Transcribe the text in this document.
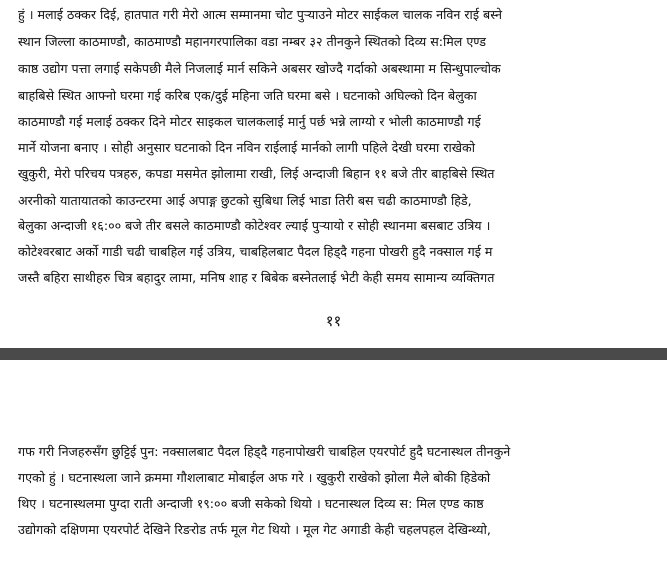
हुं । मलाई ठक्कर दिई, हातपात गरी मेरो आत्म सम्मानमा चोट पुऱ्याउने मोटर साईकल चालक नविन राई बस्ने
स्थान जिल्ला काठमाण्डौ, काठमाण्डौ महानगरपालिका वडा नम्बर ३२ तीनकुने स्थितको दिव्य स:मिल एण्ड
काष्ठ उद्योग पत्ता लगाई सकेपछी मैले निजलाई मार्न सकिने अबसर खोज्दै गर्दाको अबस्थामा म सिन्धुपाल्चोक
बाहबिसे स्थित आफ्नो घरमा गई करिब एक/दुई महिना जति घरमा बसे । घटनाको अघिल्को दिन बेलुका
काठमाण्डौ गई मलाई ठक्कर दिने मोटर साइकल चालकलाई मार्नु पर्छ भन्ने लाग्यो र भोली काठमाण्डौ गई
मार्ने योजना बनाए । सोही अनुसार घटनाको दिन नविन राईलाई मार्नको लागी पहिले देखी घरमा राखेको
खुकुरी, मेरो परिचय पत्रहरु, कपडा मसमेत झोलामा राखी, लिई अन्दाजी बिहान ११ बजे तीर बाहबिसे स्थित
अरनीको यातायातको काउन्टरमा आई अपाङ्ग छुटको सुबिधा लिई भाडा तिरी बस चढी काठमाण्डौ हिडे,
बेलुका अन्दाजी १६:०० बजे तीर बसले काठमाण्डौ कोटेश्वर ल्याई पुऱ्यायो र सोही स्थानमा बसबाट उत्रिय ।
कोटेश्वरबाट अर्को गाडी चढी चाबहिल गई उत्रिय, चाबहिलबाट पैदल हिड्दै गहना पोखरी हुदै नक्साल गई म
जस्तै बहिरा साथीहरु चित्र बहादुर लामा, मनिष शाह र बिबेक बस्नेतलाई भेटी केही समय सामान्य व्यक्तिगत
११
गफ गरी निजहरुसँग छुट्टिई पुन: नक्सालबाट पैदल हिड्दै गहनापोखरी चाबहिल एयरपोर्ट हुदै घटनास्थल तीनकुने
गएको हुं । घटनास्थला जाने क्रममा गौशलाबाट मोबाईल अफ गरे । खुकुरी राखेको झोला मैले बोकी हिडेको
थिए । घटनास्थलमा पुग्दा राती अन्दाजी १९:०० बजी सकेको थियो । घटनास्थल दिव्य स: मिल एण्ड काष्ठ
उद्योगको दक्षिणमा एयरपोर्ट देखिने रिङरोड तर्फ मूल गेट थियो । मूल गेट अगाडी केही चहलपहल देखिन्थ्यो,
